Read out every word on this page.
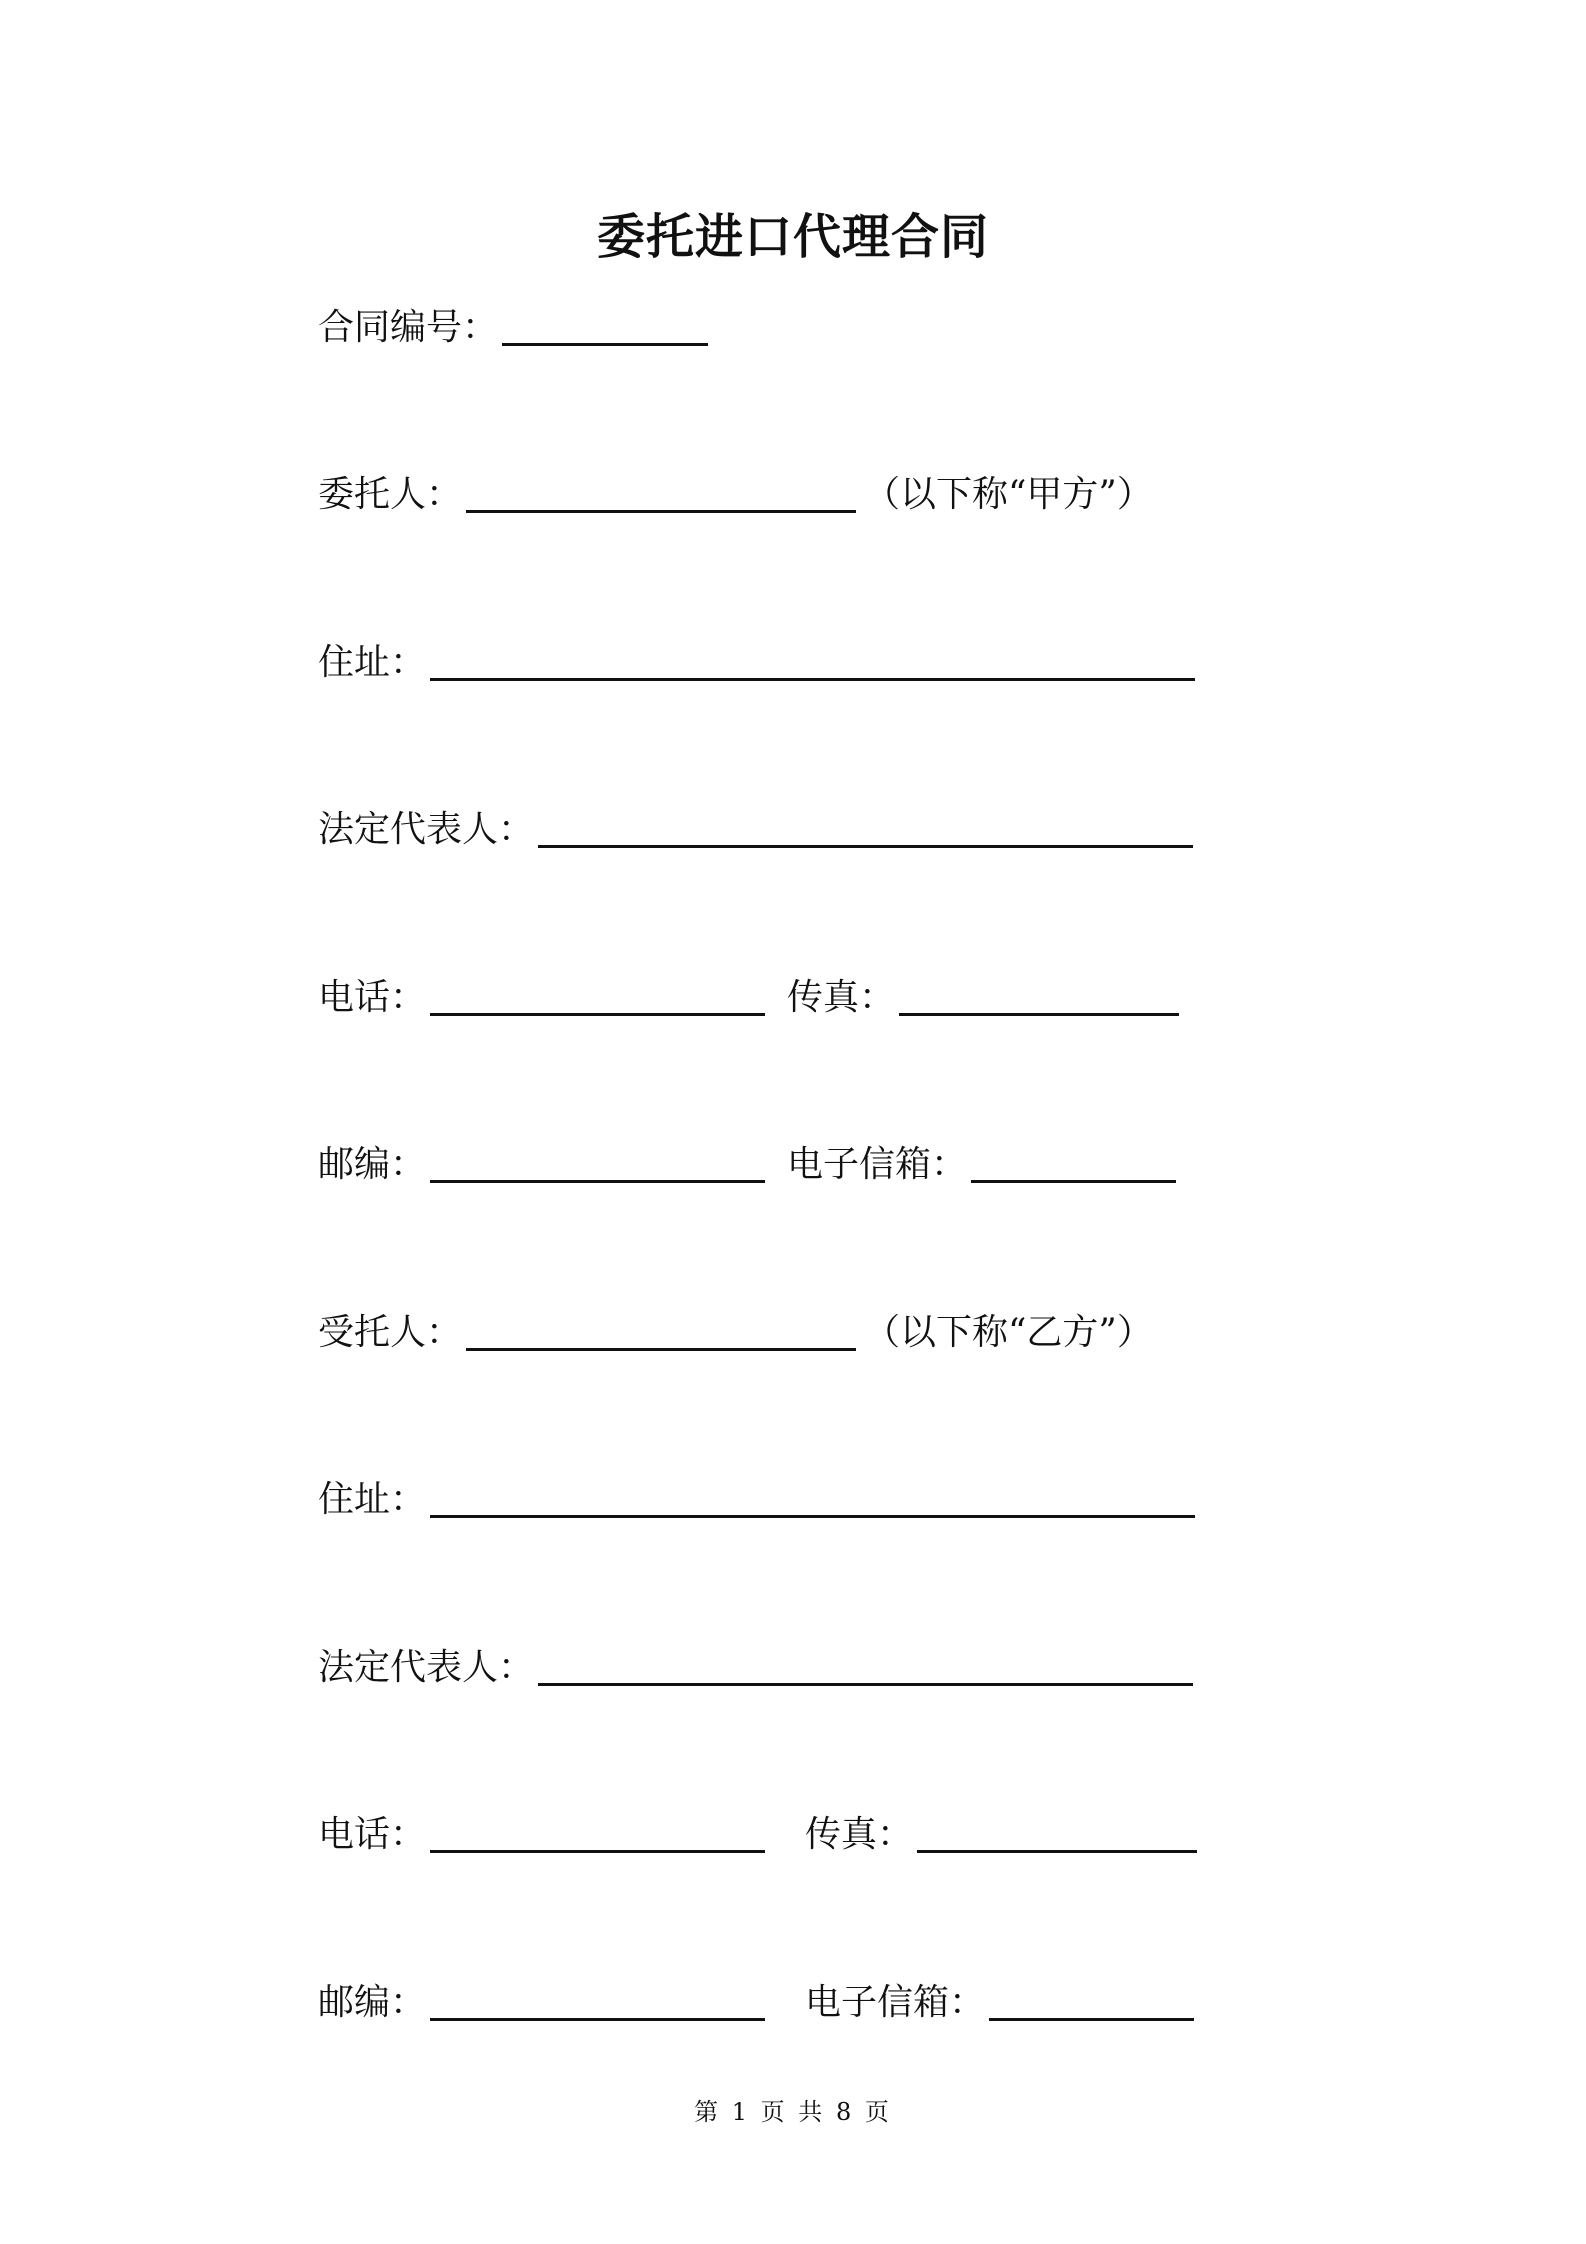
委托进口代理合同
合同编号：
委托人：	（以下称“甲方”）
住址：
法定代表人：
电话：	传真：
邮编：	电子信箱：
受托人：	（以下称“乙方”）
住址：
法定代表人：
电话：	传真：
邮编：	电子信箱：
第 1 页 共 8 页
